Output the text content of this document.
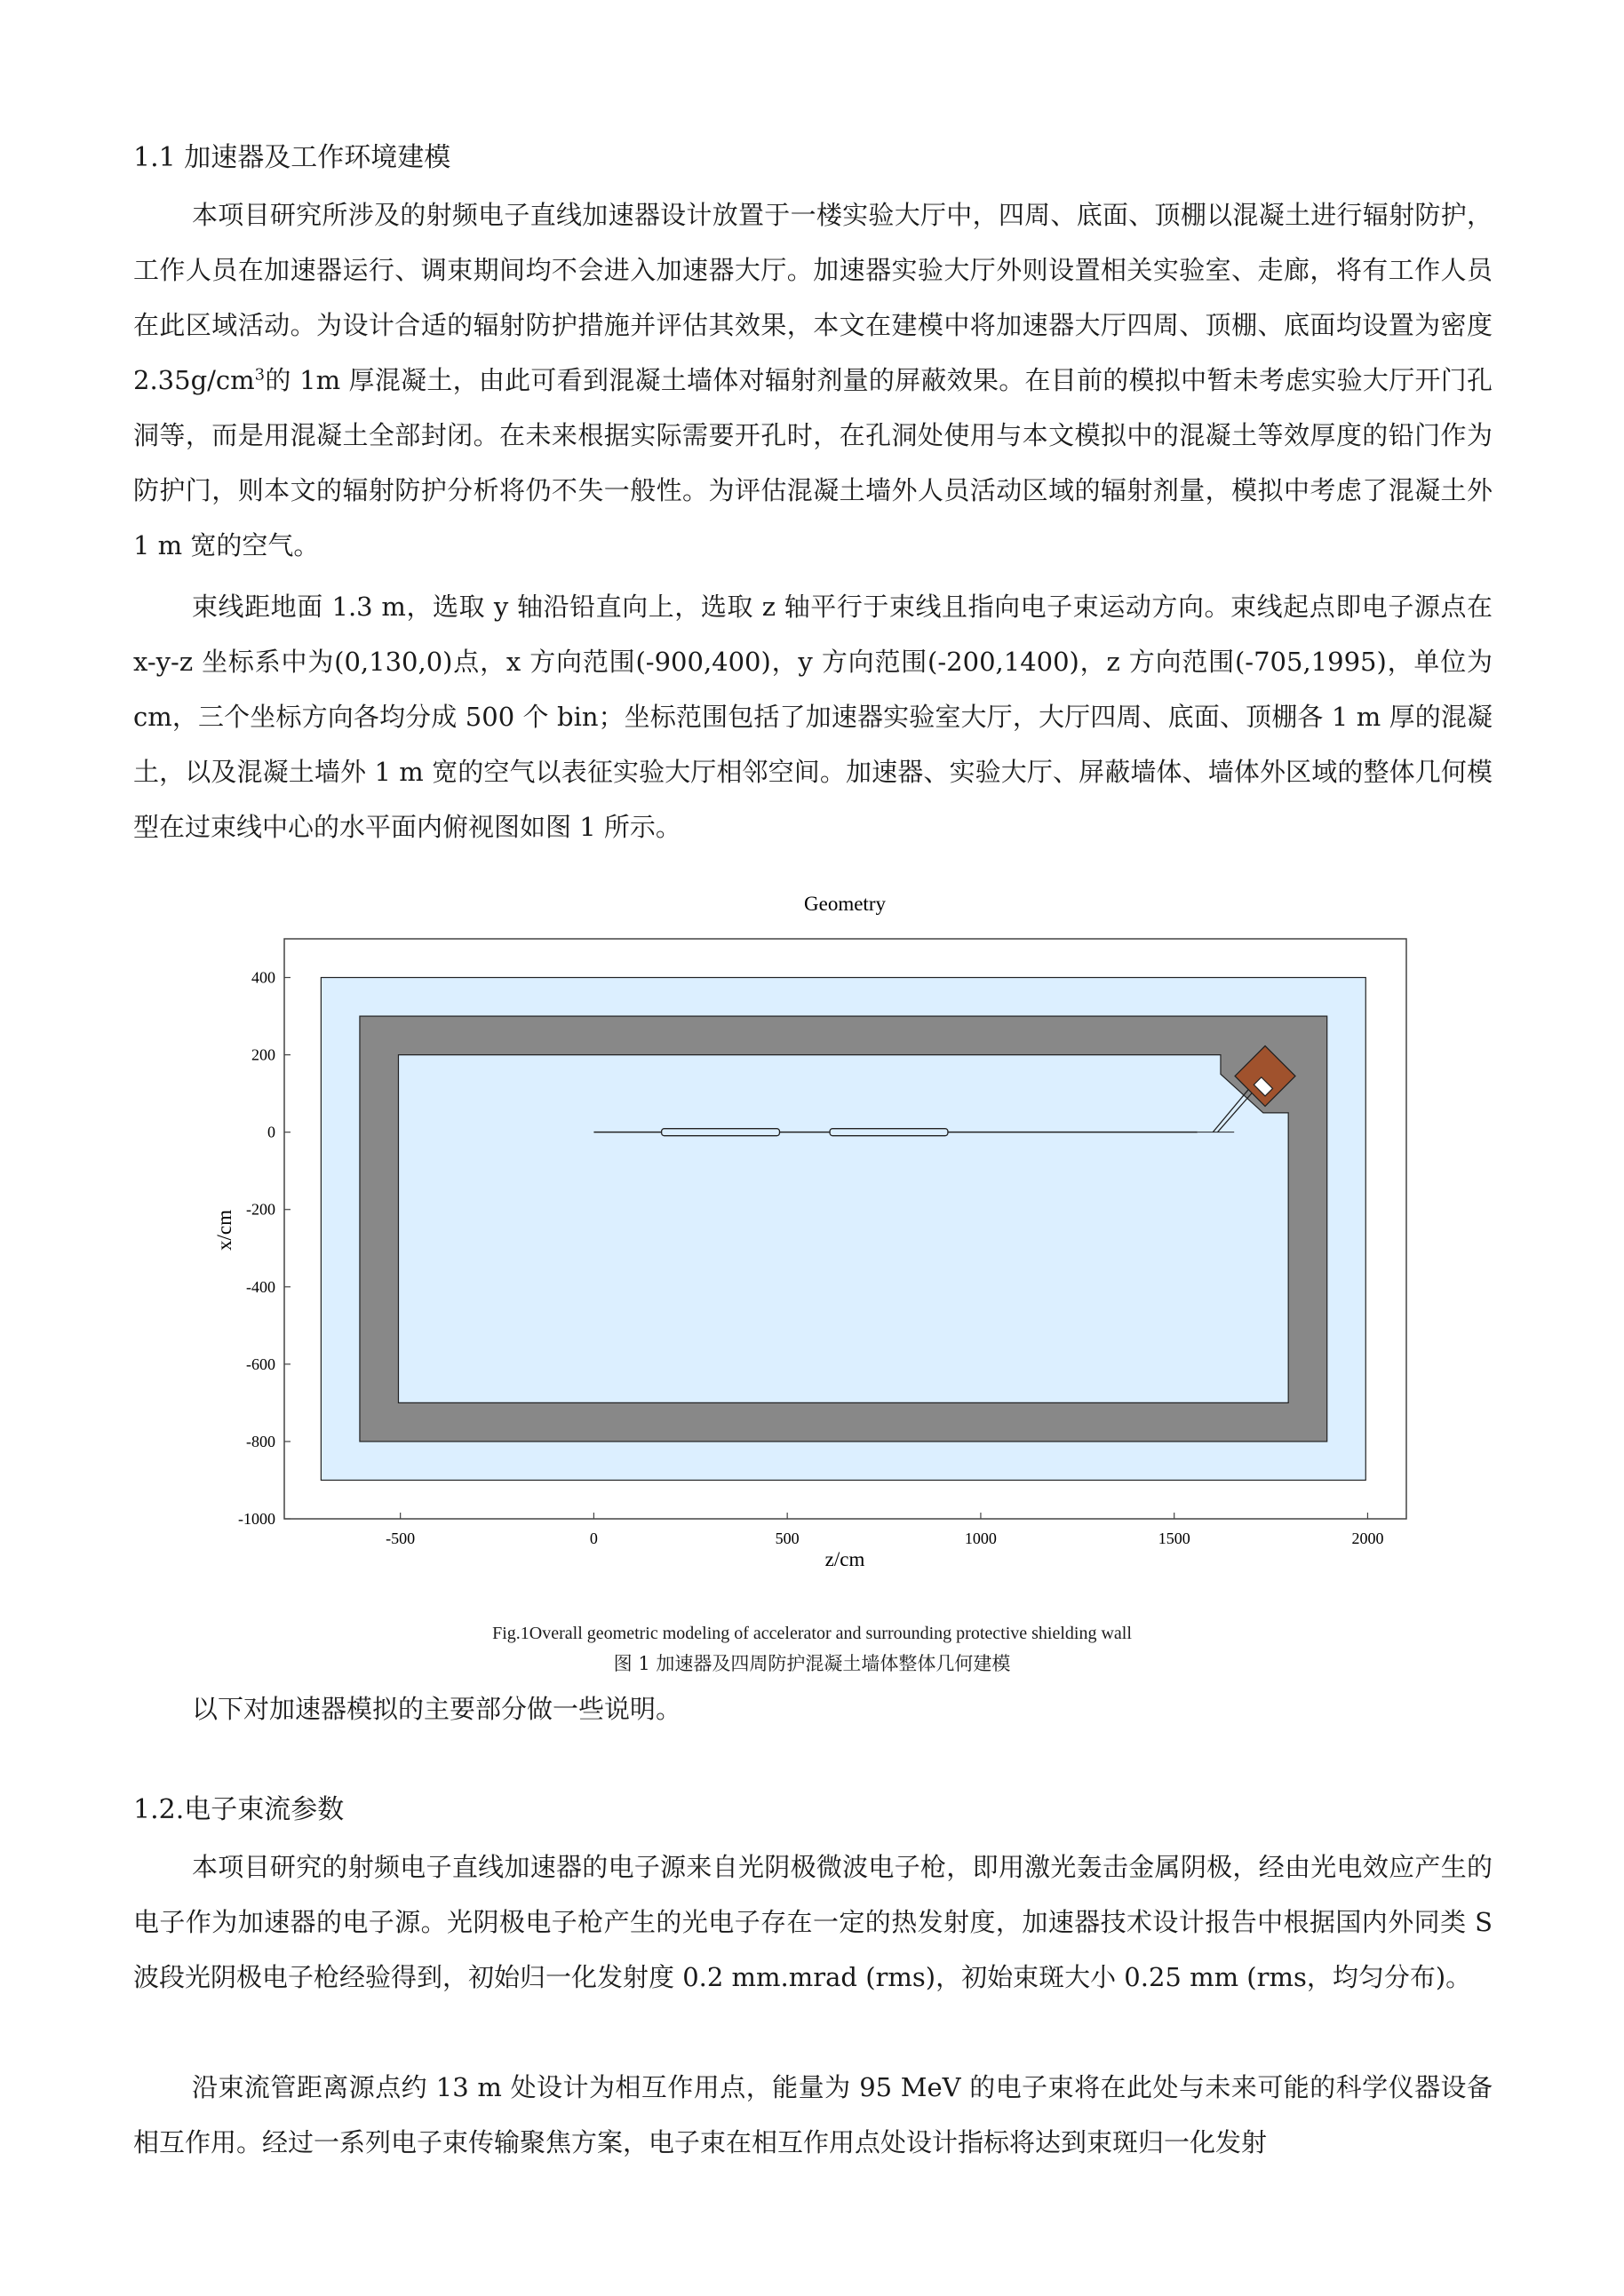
1.1 加速器及工作环境建模

本项目研究所涉及的射频电子直线加速器设计放置于一楼实验大厅中，四周、底面、顶棚以混凝土进行辐射防护，工作人员在加速器运行、调束期间均不会进入加速器大厅。加速器实验大厅外则设置相关实验室、走廊，将有工作人员在此区域活动。为设计合适的辐射防护措施并评估其效果，本文在建模中将加速器大厅四周、顶棚、底面均设置为密度 $2.35g/cm^3$的 1m 厚混凝土，由此可看到混凝土墙体对辐射剂量的屏蔽效果。在目前的模拟中暂未考虑实验大厅开门孔洞等，而是用混凝土全部封闭。在未来根据实际需要开孔时，在孔洞处使用与本文模拟中的混凝土等效厚度的铅门作为防护门，则本文的辐射防护分析将仍不失一般性。为评估混凝土墙外人员活动区域的辐射剂量，模拟中考虑了混凝土外 1 m 宽的空气。

束线距地面 1.3 m，选取 y 轴沿铅直向上，选取 z 轴平行于束线且指向电子束运动方向。束线起点即电子源点在 x-y-z 坐标系中为(0,130,0)点，x 方向范围(-900,400)，y 方向范围(-200,1400)，z 方向范围(-705,1995)，单位为 cm，三个坐标方向各均分成 500 个 bin；坐标范围包括了加速器实验室大厅，大厅四周、底面、顶棚各 1 m 厚的混凝土，以及混凝土墙外 1 m 宽的空气以表征实验大厅相邻空间。加速器、实验大厅、屏蔽墙体、墙体外区域的整体几何模型在过束线中心的水平面内俯视图如图 1 所示。

Geometry
-500	0	500	1000	1500	2000
400
200
0
-200
-400
-600
-800
-1000
z/cm
x/cm

Fig.1Overall geometric modeling of accelerator and surrounding protective shielding wall

图 1 加速器及四周防护混凝土墙体整体几何建模

以下对加速器模拟的主要部分做一些说明。

1.2.电子束流参数

本项目研究的射频电子直线加速器的电子源来自光阴极微波电子枪，即用激光轰击金属阴极，经由光电效应产生的电子作为加速器的电子源。光阴极电子枪产生的光电子存在一定的热发射度，加速器技术设计报告中根据国内外同类 S 波段光阴极电子枪经验得到，初始归一化发射度 0.2 mm.mrad (rms)，初始束斑大小 0.25 mm (rms，均匀分布)。

沿束流管距离源点约 13 m 处设计为相互作用点，能量为 95 MeV 的电子束将在此处与未来可能的科学仪器设备相互作用。经过一系列电子束传输聚焦方案，电子束在相互作用点处设计指标将达到束斑归一化发射
